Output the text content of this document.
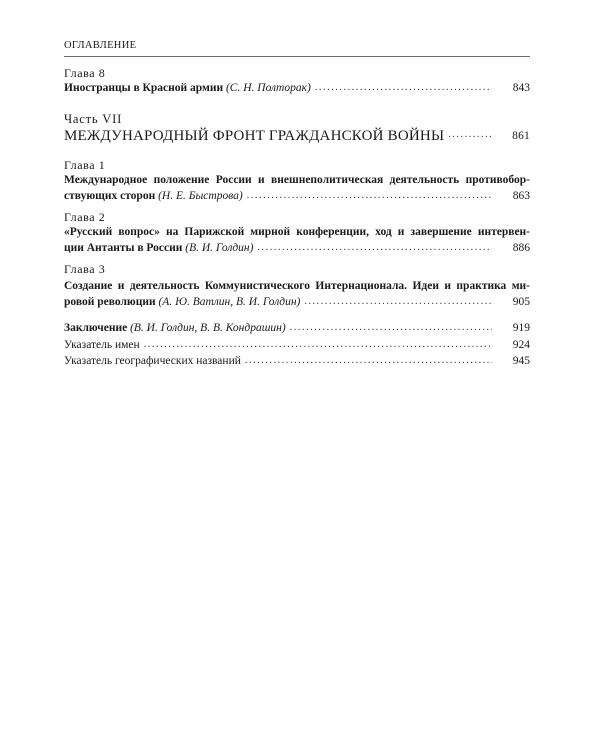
ОГЛАВЛЕНИЕ
Глава 8
Иностранцы в Красной армии (С. Н. Полторак) .....	843
Часть VII
МЕЖДУНАРОДНЫЙ ФРОНТ ГРАЖДАНСКОЙ ВОЙНЫ .....	861
Глава 1
Международное положение России и внешнеполитическая деятельность противобор-
ствующих сторон (Н. Е. Быстрова) .....	863
Глава 2
«Русский вопрос» на Парижской мирной конференции, ход и завершение интервен-
ции Антанты в России (В. И. Голдин) .....	886
Глава 3
Создание и деятельность Коммунистического Интернационала. Идеи и практика ми-
ровой революции (А. Ю. Ватлин, В. И. Голдин) .....	905
Заключение (В. И. Голдин, В. В. Кондрашин) .....	919
Указатель имен .....	924
Указатель географических названий .....	945
